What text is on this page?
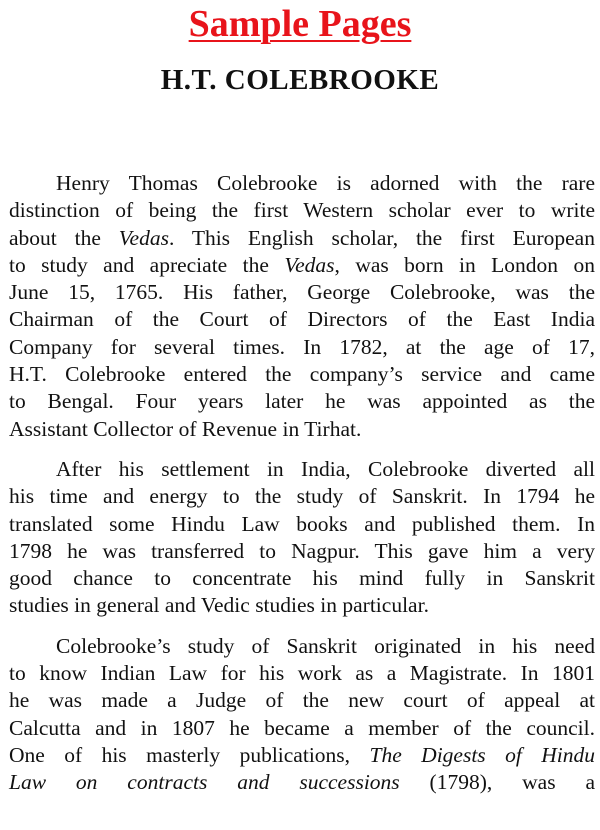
Sample Pages
H.T. COLEBROOKE
Henry Thomas Colebrooke is adorned with the rare
distinction of being the first Western scholar ever to write
about the Vedas. This English scholar, the first European
to study and apreciate the Vedas, was born in London on
June 15, 1765. His father, George Colebrooke, was the
Chairman of the Court of Directors of the East India
Company for several times. In 1782, at the age of 17,
H.T. Colebrooke entered the company’s service and came
to Bengal. Four years later he was appointed as the
Assistant Collector of Revenue in Tirhat.
After his settlement in India, Colebrooke diverted all
his time and energy to the study of Sanskrit. In 1794 he
translated some Hindu Law books and published them. In
1798 he was transferred to Nagpur. This gave him a very
good chance to concentrate his mind fully in Sanskrit
studies in general and Vedic studies in particular.
Colebrooke’s study of Sanskrit originated in his need
to know Indian Law for his work as a Magistrate. In 1801
he was made a Judge of the new court of appeal at
Calcutta and in 1807 he became a member of the council.
One of his masterly publications, The Digests of Hindu
Law on contracts and successions (1798), was a
